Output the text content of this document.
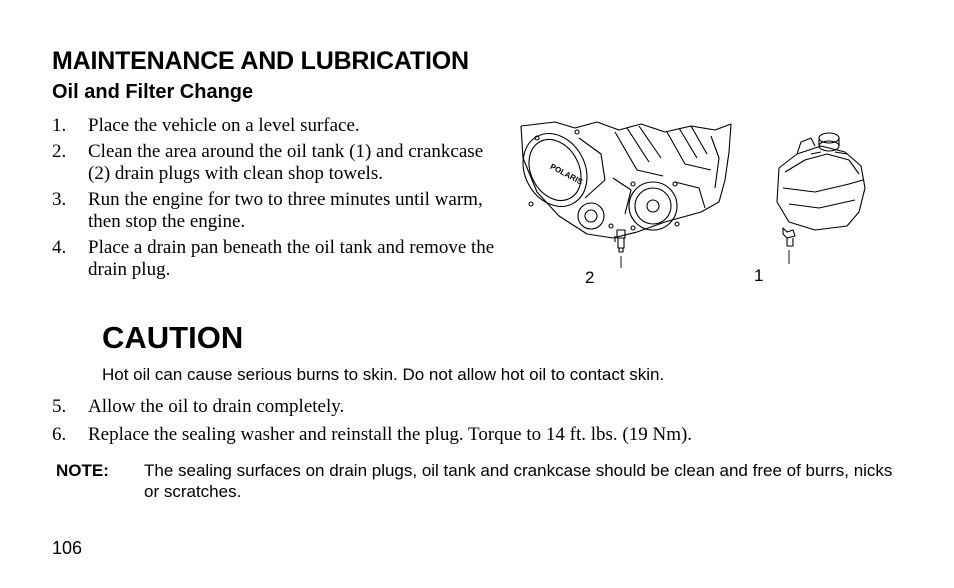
MAINTENANCE AND LUBRICATION
Oil and Filter Change
1. Place the vehicle on a level surface.
2. Clean the area around the oil tank (1) and crankcase (2) drain plugs with clean shop towels.
3. Run the engine for two to three minutes until warm, then stop the engine.
4. Place a drain pan beneath the oil tank and remove the drain plug.
POLARIS
2	1
CAUTION
Hot oil can cause serious burns to skin. Do not allow hot oil to contact skin.
5. Allow the oil to drain completely.
6. Replace the sealing washer and reinstall the plug. Torque to 14 ft. lbs. (19 Nm).
NOTE: The sealing surfaces on drain plugs, oil tank and crankcase should be clean and free of burrs, nicks or scratches.
106
